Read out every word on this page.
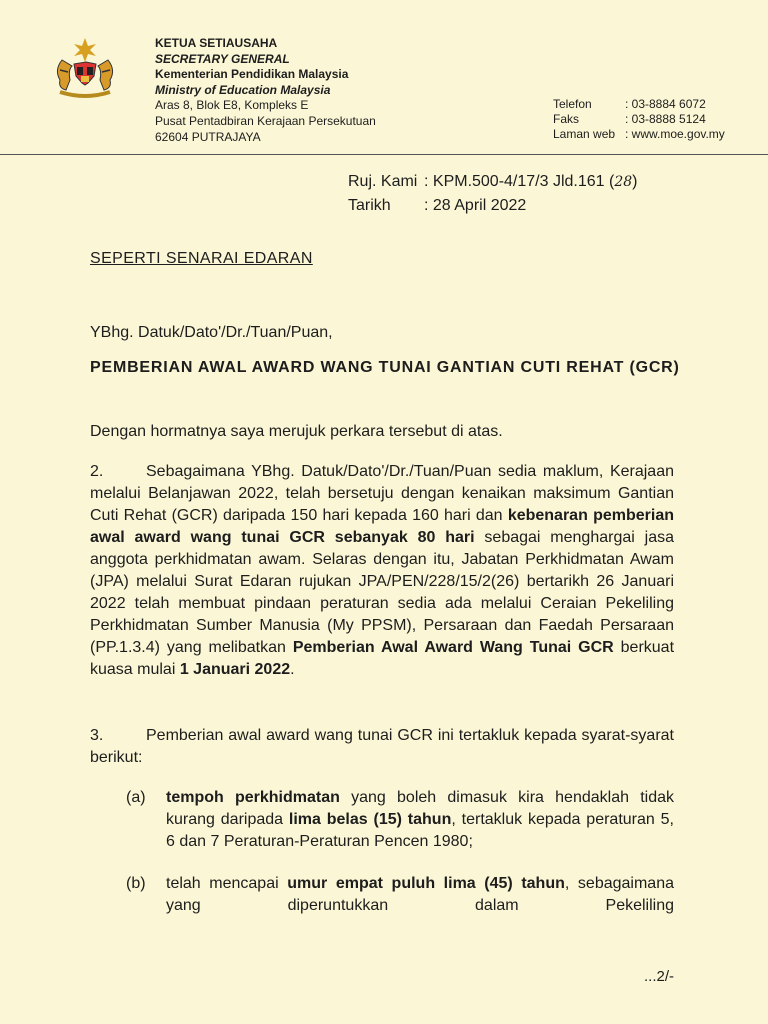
KETUA SETIAUSAHA
SECRETARY GENERAL
Kementerian Pendidikan Malaysia
Ministry of Education Malaysia
Aras 8, Blok E8, Kompleks E
Pusat Pentadbiran Kerajaan Persekutuan
62604 PUTRAJAYA
Telefon	: 03-8884 6072
Faks	: 03-8888 5124
Laman web : www.moe.gov.my
Ruj. Kami : KPM.500-4/17/3 Jld.161 ( 28 )
Tarikh	: 28 April 2022
SEPERTI SENARAI EDARAN
YBhg. Datuk/Dato'/Dr./Tuan/Puan,
PEMBERIAN AWAL AWARD WANG TUNAI GANTIAN CUTI REHAT (GCR)
Dengan hormatnya saya merujuk perkara tersebut di atas.
2.	Sebagaimana YBhg. Datuk/Dato'/Dr./Tuan/Puan sedia maklum, Kerajaan melalui Belanjawan 2022, telah bersetuju dengan kenaikan maksimum Gantian Cuti Rehat (GCR) daripada 150 hari kepada 160 hari dan kebenaran pemberian awal award wang tunai GCR sebanyak 80 hari sebagai menghargai jasa anggota perkhidmatan awam. Selaras dengan itu, Jabatan Perkhidmatan Awam (JPA) melalui Surat Edaran rujukan JPA/PEN/228/15/2(26) bertarikh 26 Januari 2022 telah membuat pindaan peraturan sedia ada melalui Ceraian Pekeliling Perkhidmatan Sumber Manusia (My PPSM), Persaraan dan Faedah Persaraan (PP.1.3.4) yang melibatkan Pemberian Awal Award Wang Tunai GCR berkuat kuasa mulai 1 Januari 2022.
3.	Pemberian awal award wang tunai GCR ini tertakluk kepada syarat-syarat berikut:
(a) tempoh perkhidmatan yang boleh dimasuk kira hendaklah tidak kurang daripada lima belas (15) tahun, tertakluk kepada peraturan 5, 6 dan 7 Peraturan-Peraturan Pencen 1980;
(b) telah mencapai umur empat puluh lima (45) tahun, sebagaimana yang diperuntukkan dalam Pekeliling
...2/-
